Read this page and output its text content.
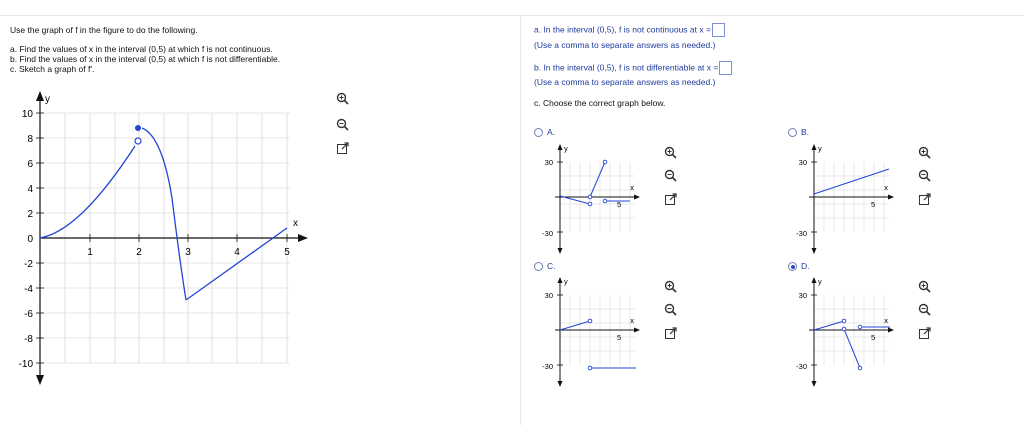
Use the graph of f in the figure to do the following.
a. Find the values of x in the interval (0,5) at which f is not continuous.
b. Find the values of x in the interval (0,5) at which f is not differentiable.
c. Sketch a graph of f'.
y
x
10
8
6
4
2
0
-2
-4
-6
-8
-10
1	2	3	4	5
a. In the interval (0,5), f is not continuous at x =
(Use a comma to separate answers as needed.)
b. In the interval (0,5), f is not differentiable at x =
(Use a comma to separate answers as needed.)
c. Choose the correct graph below.
A.
y
30
-30
x
5
B.
y
30
-30
x
5
C.
y
30
-30
x
5
D.
y
30
-30
x
5
